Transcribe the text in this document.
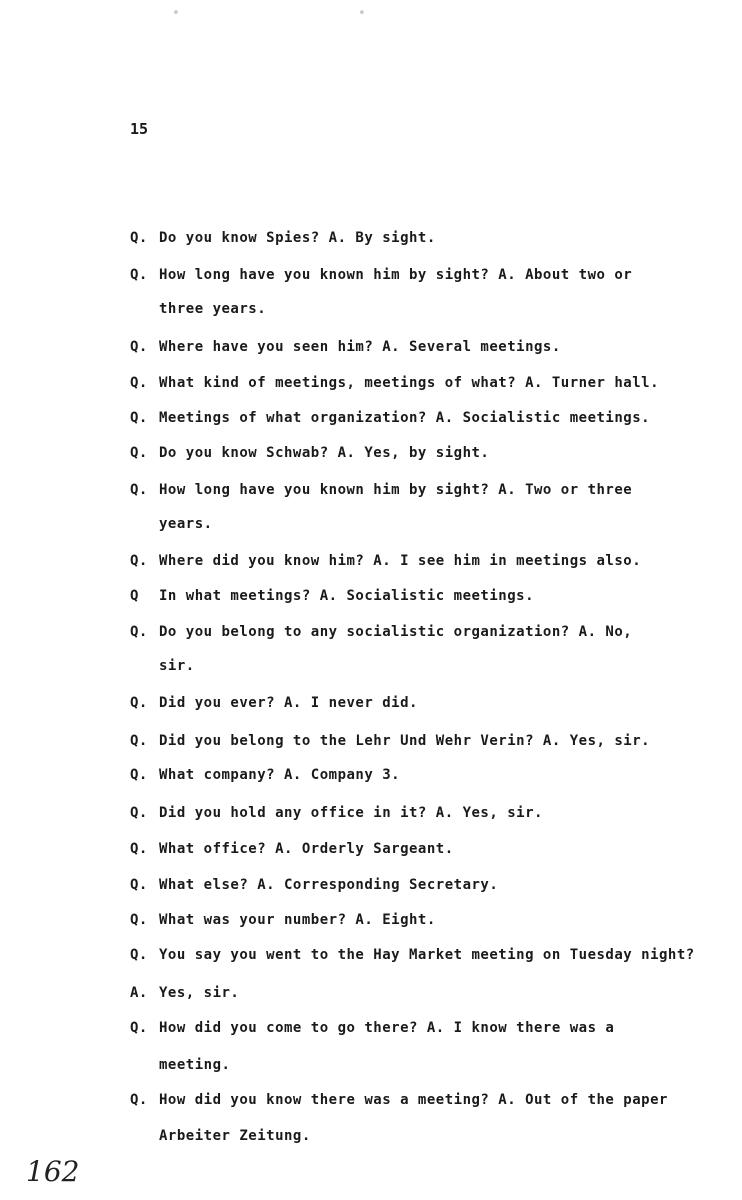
•	•
15
Q. Do you know Spies? A. By sight.
Q. How long have you known him by sight? A. About two or
three years.
Q. Where have you seen him? A. Several meetings.
Q. What kind of meetings, meetings of what? A. Turner hall.
Q. Meetings of what organization? A. Socialistic meetings.
Q. Do you know Schwab? A. Yes, by sight.
Q. How long have you known him by sight? A. Two or three
years.
Q. Where did you know him? A. I see him in meetings also.
Q In what meetings? A. Socialistic meetings.
Q. Do you belong to any socialistic organization? A. No,
sir.
Q. Did you ever? A. I never did.
Q. Did you belong to the Lehr Und Wehr Verin? A. Yes, sir.
Q. What company? A. Company 3.
Q. Did you hold any office in it? A. Yes, sir.
Q. What office? A. Orderly Sargeant.
Q. What else? A. Corresponding Secretary.
Q. What was your number? A. Eight.
Q. You say you went to the Hay Market meeting on Tuesday night?
A. Yes, sir.
Q. How did you come to go there? A. I know there was a
meeting.
Q. How did you know there was a meeting? A. Out of the paper
Arbeiter Zeitung.
162
